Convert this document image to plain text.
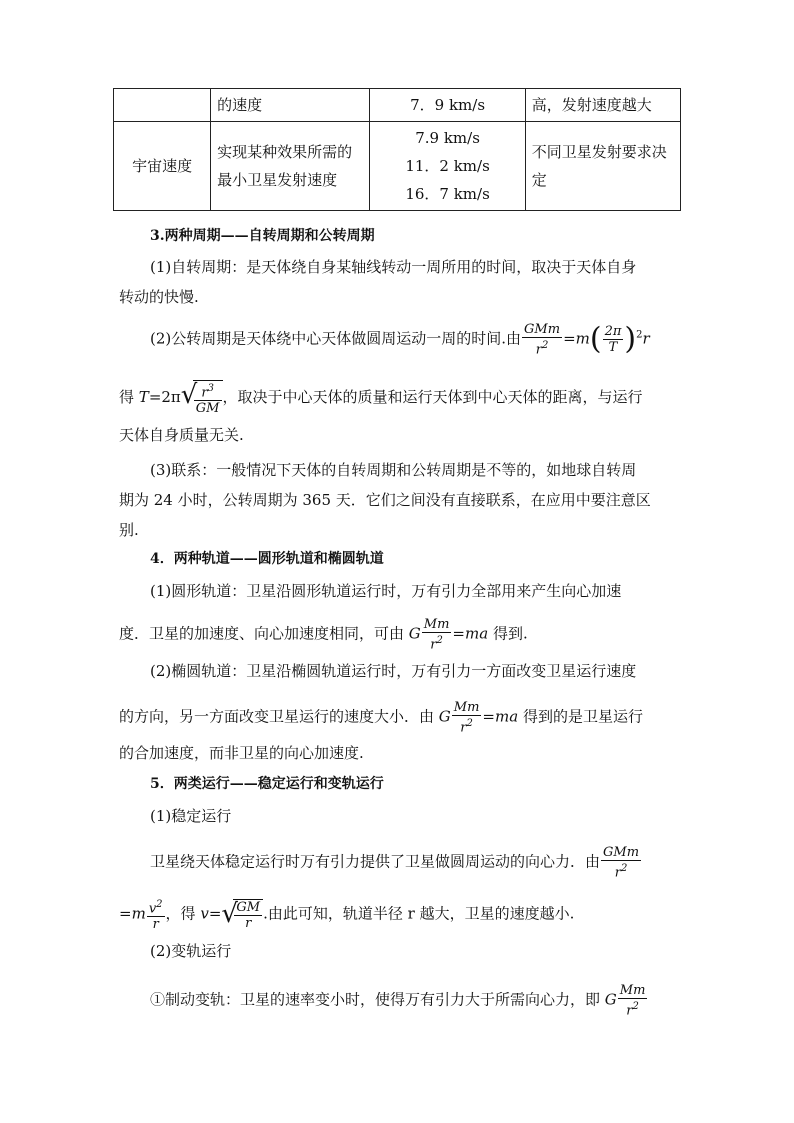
	的速度	7．9 km/s	高，发射速度越大
宇宙速度	实现某种效果所需的最小卫星发射速度	7.9 km/s
11．2 km/s
16．7 km/s	不同卫星发射要求决定

3.两种周期——自转周期和公转周期

(1)自转周期：是天体绕自身某轴线转动一周所用的时间，取决于天体自身

转动的快慢.

(2)公转周期是天体绕中心天体做圆周运动一周的时间.由 $\frac{\text{GMm}}{r^2} =m( \frac{2\pi}{T} )^2r$

得 T=2π √
$\frac{r^3}{GM}$ ，取决于中心天体的质量和运行天体到中心天体的距离，与运行

天体自身质量无关.

(3)联系：一般情况下天体的自转周期和公转周期是不等的，如地球自转周

期为 24 小时，公转周期为 365 天．它们之间没有直接联系，在应用中要注意区

别.

4．两种轨道——圆形轨道和椭圆轨道

(1)圆形轨道：卫星沿圆形轨道运行时，万有引力全部用来产生向心加速

度．卫星的加速度、向心加速度相同，可由 G $\frac{Mm}{r^2} =ma$ 得到.

(2)椭圆轨道：卫星沿椭圆轨道运行时，万有引力一方面改变卫星运行速度

的方向，另一方面改变卫星运行的速度大小．由 G $\frac{Mm}{r^2} =ma$ 得到的是卫星运行

的合加速度，而非卫星的向心加速度.

5．两类运行——稳定运行和变轨运行

(1)稳定运行

卫星绕天体稳定运行时万有引力提供了卫星做圆周运动的向心力．由 $\frac{\text{GMm}}{r^2}$

$=m \frac{v^2}{r}$ ，得 v= √
$\frac{GM}{r}$ .由此可知，轨道半径 r 越大，卫星的速度越小.

(2)变轨运行

①制动变轨：卫星的速率变小时，使得万有引力大于所需向心力，即 G $\frac{Mm}{r^2}$
